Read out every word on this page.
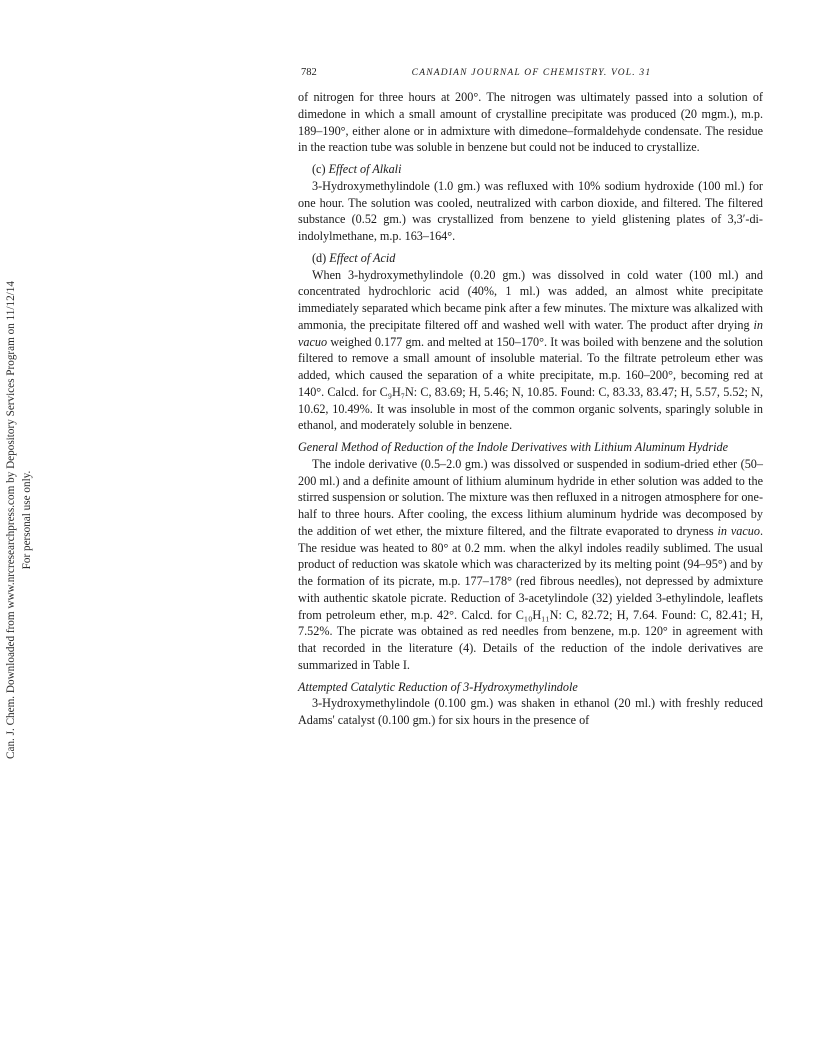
782	CANADIAN JOURNAL OF CHEMISTRY. VOL. 31
Can. J. Chem. Downloaded from www.nrcresearchpress.com by Depository Services Program on 11/12/14 For personal use only.

of nitrogen for three hours at 200°. The nitrogen was ultimately passed into a solution of dimedone in which a small amount of crystalline precipitate was produced (20 mgm.), m.p. 189–190°, either alone or in admixture with dimedone–formaldehyde condensate. The residue in the reaction tube was soluble in benzene but could not be induced to crystallize.

(c) Effect of Alkali

3-Hydroxymethylindole (1.0 gm.) was refluxed with 10% sodium hydroxide (100 ml.) for one hour. The solution was cooled, neutralized with carbon dioxide, and filtered. The filtered substance (0.52 gm.) was crystallized from benzene to yield glistening plates of 3,3′-di-indolylmethane, m.p. 163–164°.

(d) Effect of Acid

When 3-hydroxymethylindole (0.20 gm.) was dissolved in cold water (100 ml.) and concentrated hydrochloric acid (40%, 1 ml.) was added, an almost white precipitate immediately separated which became pink after a few minutes. The mixture was alkalized with ammonia, the precipitate filtered off and washed well with water. The product after drying in vacuo weighed 0.177 gm. and melted at 150–170°. It was boiled with benzene and the solution filtered to remove a small amount of insoluble material. To the filtrate petroleum ether was added, which caused the separation of a white precipitate, m.p. 160–200°, becoming red at 140°. Calcd. for C₉H₇N: C, 83.69; H, 5.46; N, 10.85. Found: C, 83.33, 83.47; H, 5.57, 5.52; N, 10.62, 10.49%. It was insoluble in most of the common organic solvents, sparingly soluble in ethanol, and moderately soluble in benzene.

General Method of Reduction of the Indole Derivatives with Lithium Aluminum Hydride

The indole derivative (0.5–2.0 gm.) was dissolved or suspended in sodium-dried ether (50–200 ml.) and a definite amount of lithium aluminum hydride in ether solution was added to the stirred suspension or solution. The mixture was then refluxed in a nitrogen atmosphere for one-half to three hours. After cooling, the excess lithium aluminum hydride was decomposed by the addition of wet ether, the mixture filtered, and the filtrate evaporated to dryness in vacuo. The residue was heated to 80° at 0.2 mm. when the alkyl indoles readily sublimed. The usual product of reduction was skatole which was characterized by its melting point (94–95°) and by the formation of its picrate, m.p. 177–178° (red fibrous needles), not depressed by admixture with authentic skatole picrate. Reduction of 3-acetylindole (32) yielded 3-ethylindole, leaflets from petroleum ether, m.p. 42°. Calcd. for C₁₀H₁₁N: C, 82.72; H, 7.64. Found: C, 82.41; H, 7.52%. The picrate was obtained as red needles from benzene, m.p. 120° in agreement with that recorded in the literature (4). Details of the reduction of the indole derivatives are summarized in Table I.

Attempted Catalytic Reduction of 3-Hydroxymethylindole

3-Hydroxymethylindole (0.100 gm.) was shaken in ethanol (20 ml.) with freshly reduced Adams' catalyst (0.100 gm.) for six hours in the presence of
